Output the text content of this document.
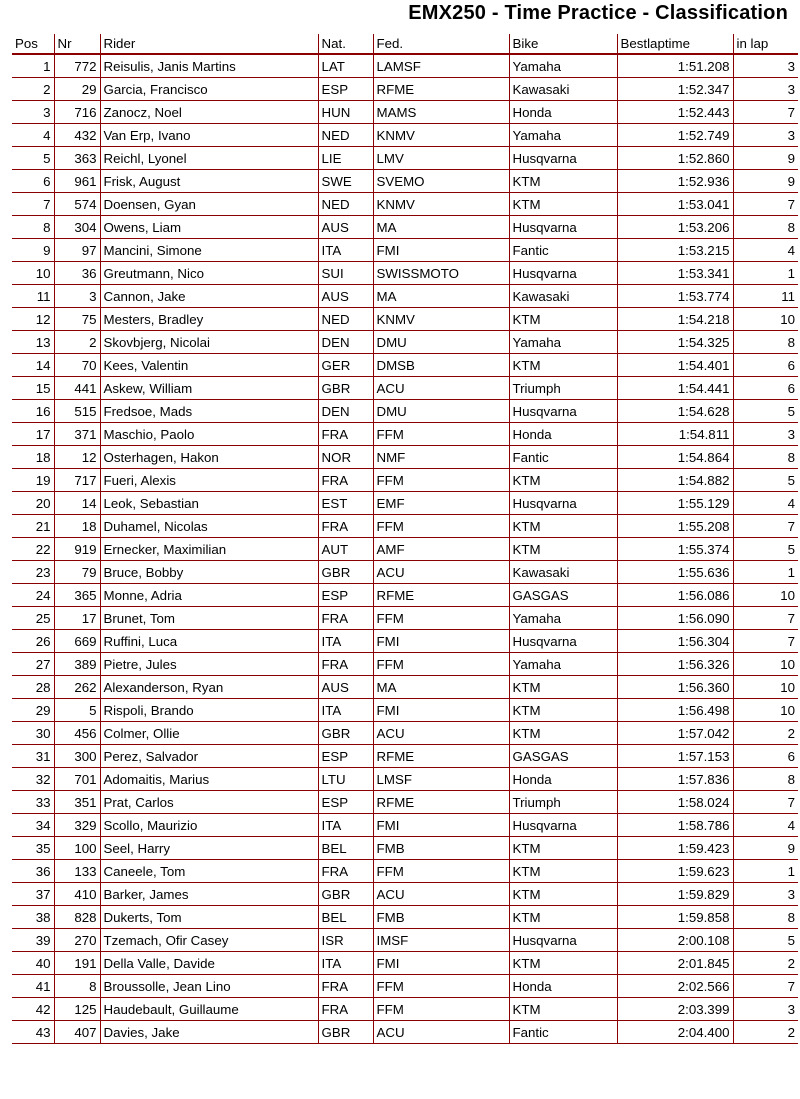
EMX250 - Time Practice - Classification
Pos	Nr	Rider	Nat.	Fed.	Bike	Bestlaptime	in lap
1	772	Reisulis, Janis Martins	LAT	LAMSF	Yamaha	1:51.208	3
2	29	Garcia, Francisco	ESP	RFME	Kawasaki	1:52.347	3
3	716	Zanocz, Noel	HUN	MAMS	Honda	1:52.443	7
4	432	Van Erp, Ivano	NED	KNMV	Yamaha	1:52.749	3
5	363	Reichl, Lyonel	LIE	LMV	Husqvarna	1:52.860	9
6	961	Frisk, August	SWE	SVEMO	KTM	1:52.936	9
7	574	Doensen, Gyan	NED	KNMV	KTM	1:53.041	7
8	304	Owens, Liam	AUS	MA	Husqvarna	1:53.206	8
9	97	Mancini, Simone	ITA	FMI	Fantic	1:53.215	4
10	36	Greutmann, Nico	SUI	SWISSMOTO	Husqvarna	1:53.341	1
11	3	Cannon, Jake	AUS	MA	Kawasaki	1:53.774	11
12	75	Mesters, Bradley	NED	KNMV	KTM	1:54.218	10
13	2	Skovbjerg, Nicolai	DEN	DMU	Yamaha	1:54.325	8
14	70	Kees, Valentin	GER	DMSB	KTM	1:54.401	6
15	441	Askew, William	GBR	ACU	Triumph	1:54.441	6
16	515	Fredsoe, Mads	DEN	DMU	Husqvarna	1:54.628	5
17	371	Maschio, Paolo	FRA	FFM	Honda	1:54.811	3
18	12	Osterhagen, Hakon	NOR	NMF	Fantic	1:54.864	8
19	717	Fueri, Alexis	FRA	FFM	KTM	1:54.882	5
20	14	Leok, Sebastian	EST	EMF	Husqvarna	1:55.129	4
21	18	Duhamel, Nicolas	FRA	FFM	KTM	1:55.208	7
22	919	Ernecker, Maximilian	AUT	AMF	KTM	1:55.374	5
23	79	Bruce, Bobby	GBR	ACU	Kawasaki	1:55.636	1
24	365	Monne, Adria	ESP	RFME	GASGAS	1:56.086	10
25	17	Brunet, Tom	FRA	FFM	Yamaha	1:56.090	7
26	669	Ruffini, Luca	ITA	FMI	Husqvarna	1:56.304	7
27	389	Pietre, Jules	FRA	FFM	Yamaha	1:56.326	10
28	262	Alexanderson, Ryan	AUS	MA	KTM	1:56.360	10
29	5	Rispoli, Brando	ITA	FMI	KTM	1:56.498	10
30	456	Colmer, Ollie	GBR	ACU	KTM	1:57.042	2
31	300	Perez, Salvador	ESP	RFME	GASGAS	1:57.153	6
32	701	Adomaitis, Marius	LTU	LMSF	Honda	1:57.836	8
33	351	Prat, Carlos	ESP	RFME	Triumph	1:58.024	7
34	329	Scollo, Maurizio	ITA	FMI	Husqvarna	1:58.786	4
35	100	Seel, Harry	BEL	FMB	KTM	1:59.423	9
36	133	Caneele, Tom	FRA	FFM	KTM	1:59.623	1
37	410	Barker, James	GBR	ACU	KTM	1:59.829	3
38	828	Dukerts, Tom	BEL	FMB	KTM	1:59.858	8
39	270	Tzemach, Ofir Casey	ISR	IMSF	Husqvarna	2:00.108	5
40	191	Della Valle, Davide	ITA	FMI	KTM	2:01.845	2
41	8	Broussolle, Jean Lino	FRA	FFM	Honda	2:02.566	7
42	125	Haudebault, Guillaume	FRA	FFM	KTM	2:03.399	3
43	407	Davies, Jake	GBR	ACU	Fantic	2:04.400	2
